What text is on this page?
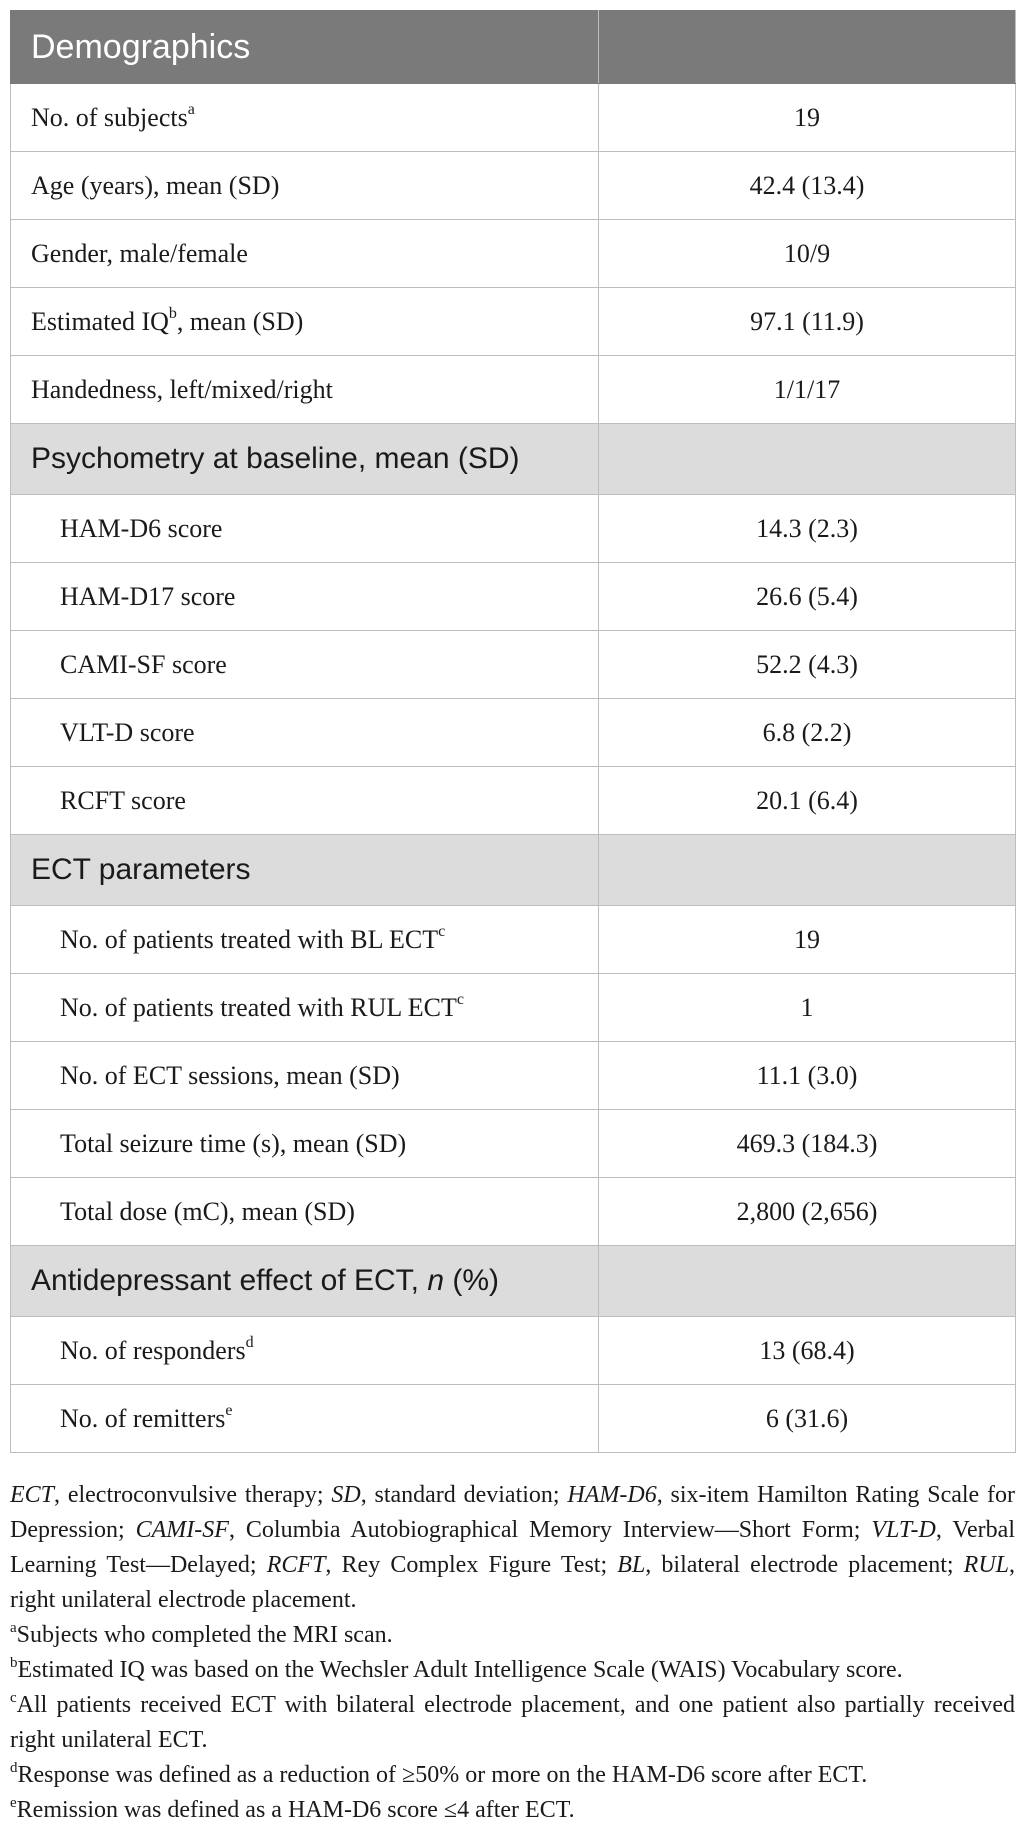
Demographics	
No. of subjects$^a$	19
Age (years), mean (SD)	42.4 (13.4)
Gender, male/female	10/9
Estimated $IQ^b$, mean (SD)	97.1 (11.9)
Handedness, left/mixed/right	1/1/17
Psychometry at baseline, mean (SD)	
HAM-D6 score	14.3 (2.3)
HAM-D17 score	26.6 (5.4)
CAMI-SF score	52.2 (4.3)
VLT-D score	6.8 (2.2)
RCFT score	20.1 (6.4)
ECT parameters	
No. of patients treated with BL ECT$^c$	19
No. of patients treated with RUL ECT$^c$	1
No. of ECT sessions, mean (SD)	11.1 (3.0)
Total seizure time (s), mean (SD)	469.3 (184.3)
Total dose (mC), mean (SD)	2,800 (2,656)
Antidepressant effect of ECT, n (%)	
No. of responders$^d$	13 (68.4)
No. of remitters$^e$	6 (31.6)

ECT, electroconvulsive therapy; SD, standard deviation; HAM-D6, six-item Hamilton Rating Scale for Depression; CAMI-SF, Columbia Autobiographical Memory Interview—Short Form; VLT-D, Verbal Learning Test—Delayed; RCFT, Rey Complex Figure Test; BL, bilateral electrode placement; RUL, right unilateral electrode placement.

$^a$Subjects who completed the MRI scan.

$^b$Estimated IQ was based on the Wechsler Adult Intelligence Scale (WAIS) Vocabulary score.

$^c$All patients received ECT with bilateral electrode placement, and one patient also partially received right unilateral ECT.

$^d$Response was defined as a reduction of ≥50% or more on the HAM-D6 score after ECT.

$^e$Remission was defined as a HAM-D6 score ≤4 after ECT.
